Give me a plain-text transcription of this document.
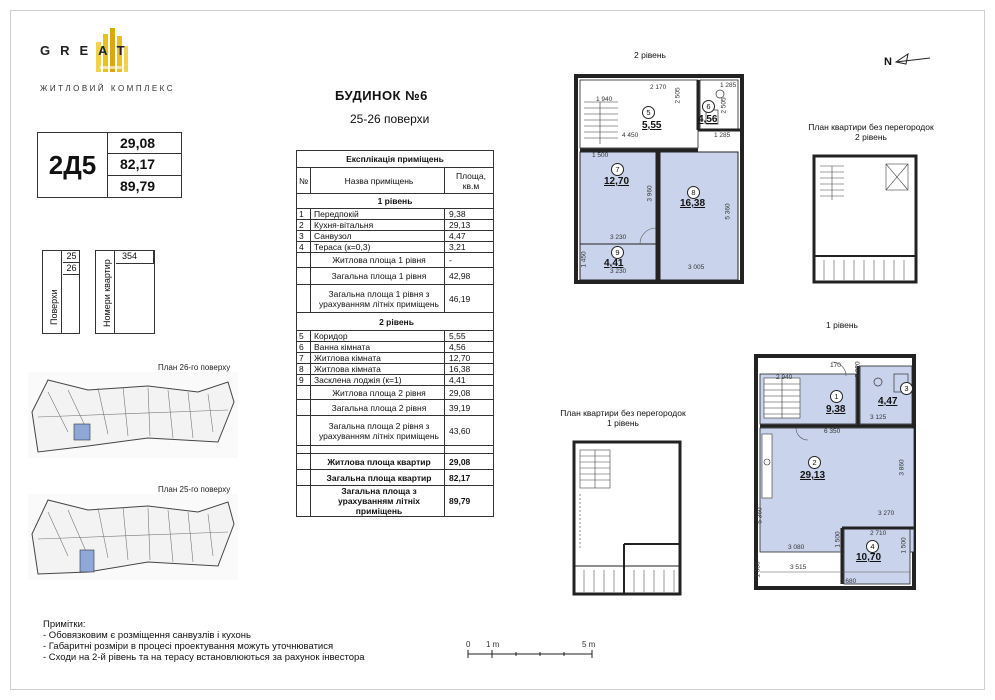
GREAT
ЖИТЛОВИЙ КОМПЛЕКС
2Д5
29,08
82,17
89,79
Поверхи
25
26	Номери квартир
354
План 26-го поверху
План 25-го поверху
БУДИНОК №6
25-26 поверхи
Експлікація приміщень
№	Назва приміщень	Площа, кв.м
1 рівень
1	Передпокій	9,38
2	Кухня-вітальня	29,13
3	Санвузол	4,47
4	Тераса (к=0,3)	3,21
Житлова площа 1 рівня	-
Загальна площа 1 рівня	42,98
Загальна площа 1 рівня з урахуванням літніх приміщень	46,19
2 рівень
5	Коридор	5,55
6	Ванна кімната	4,56
7	Житлова кімната	12,70
8	Житлова кімната	16,38
9	Засклена лоджія (к=1)	4,41
Житлова площа 2 рівня	29,08
Загальна площа 2 рівня	39,19
Загальна площа 2 рівня з урахуванням літніх приміщень	43,60
Житлова площа квартир	29,08
Загальна площа квартир	82,17
Загальна площа з урахуванням літніх приміщень
89,79
2 рівень
5
5,55
6
4,56
7
12,70
8
16,38
9
4,41
2 170	1 285
1 940	2 505
2 505
4 450	1 285
1 500
3 960
5 360
3 230
1 450
3 230
3 005
N
План квартири без перегородок
2 рівень
1 рівень
1
9,38
2
29,13
3
4,47
4
10,70
170 2 920
2 940
3 125
6 350
3 860
5 360	3 270
2 710
1 500
3 080	1 500
3 515
6 680
1 050
План квартири без перегородок
1 рівень
Примітки:
- Обовязковим є розміщення санвузлів і кухонь
- Габаритні розміри в процесі проектування можуть уточнюватися
- Сходи на 2-й рівень та на терасу встановлюються за рахунок інвестора
0 1 m	5 m
